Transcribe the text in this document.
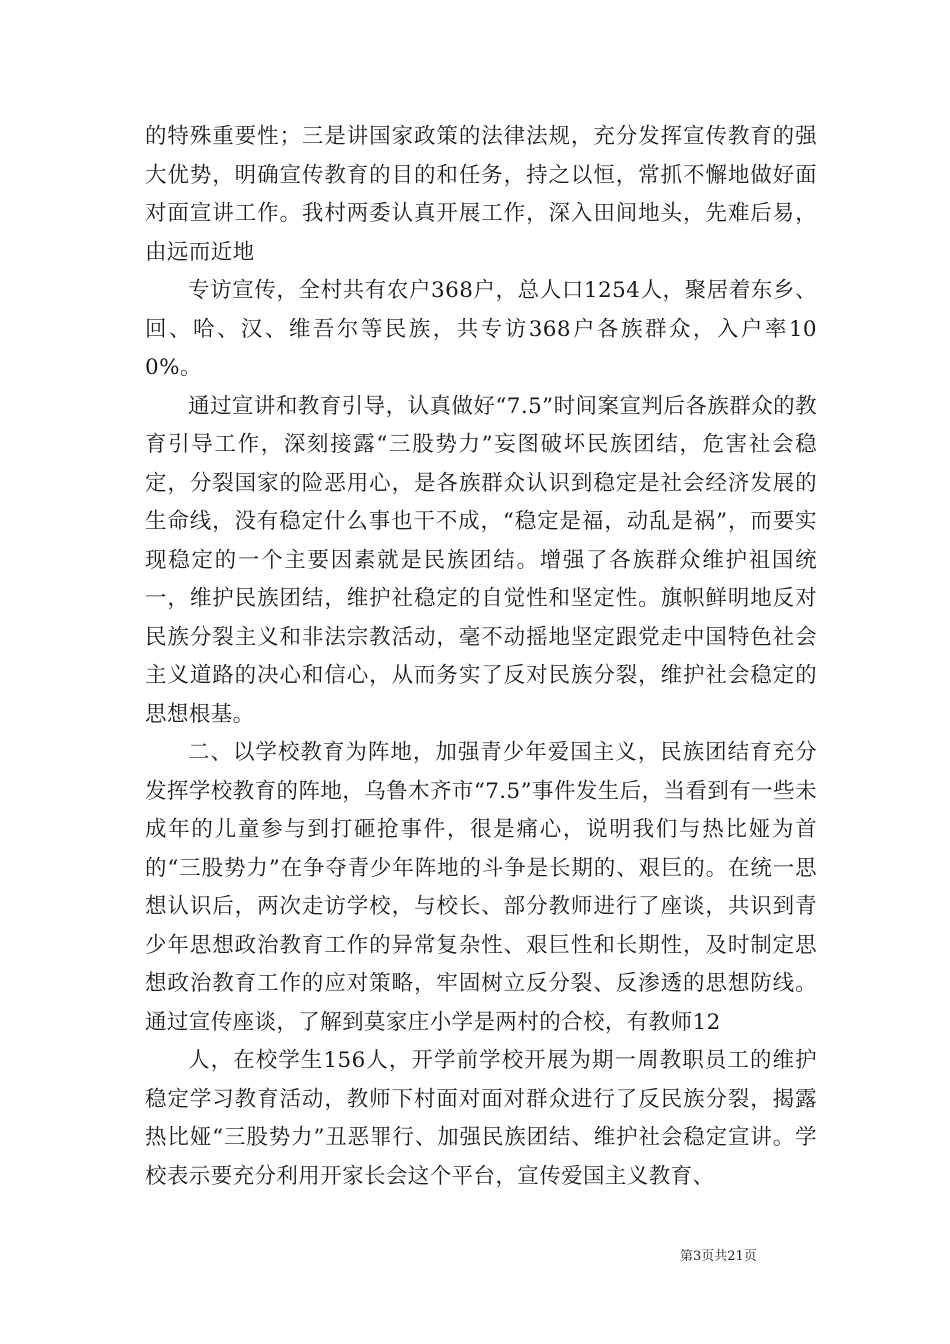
的特殊重要性；三是讲国家政策的法律法规，充分发挥宣传教育的强大优势，明确宣传教育的目的和任务，持之以恒，常抓不懈地做好面对面宣讲工作。我村两委认真开展工作，深入田间地头，先难后易，由远而近地

专访宣传，全村共有农户368户，总人口1254人，聚居着东乡、回、哈、汉、维吾尔等民族，共专访368户各族群众，入户率100%。

通过宣讲和教育引导，认真做好“7.5”时间案宣判后各族群众的教育引导工作，深刻接露“三股势力”妄图破坏民族团结，危害社会稳定，分裂国家的险恶用心，是各族群众认识到稳定是社会经济发展的生命线，没有稳定什么事也干不成，“稳定是福，动乱是祸”，而要实现稳定的一个主要因素就是民族团结。增强了各族群众维护祖国统一，维护民族团结，维护社稳定的自觉性和坚定性。旗帜鲜明地反对民族分裂主义和非法宗教活动，毫不动摇地坚定跟党走中国特色社会主义道路的决心和信心，从而务实了反对民族分裂，维护社会稳定的思想根基。

二、以学校教育为阵地，加强青少年爱国主义，民族团结育充分发挥学校教育的阵地，乌鲁木齐市“7.5”事件发生后，当看到有一些未成年的儿童参与到打砸抢事件，很是痛心，说明我们与热比娅为首的“三股势力”在争夺青少年阵地的斗争是长期的、艰巨的。在统一思想认识后，两次走访学校，与校长、部分教师进行了座谈，共识到青少年思想政治教育工作的异常复杂性、艰巨性和长期性，及时制定思想政治教育工作的应对策略，牢固树立反分裂、反渗透的思想防线。通过宣传座谈，了解到莫家庄小学是两村的合校，有教师12

人，在校学生156人，开学前学校开展为期一周教职员工的维护稳定学习教育活动，教师下村面对面对群众进行了反民族分裂，揭露热比娅“三股势力”丑恶罪行、加强民族团结、维护社会稳定宣讲。学校表示要充分利用开家长会这个平台，宣传爱国主义教育、

第3页共21页
